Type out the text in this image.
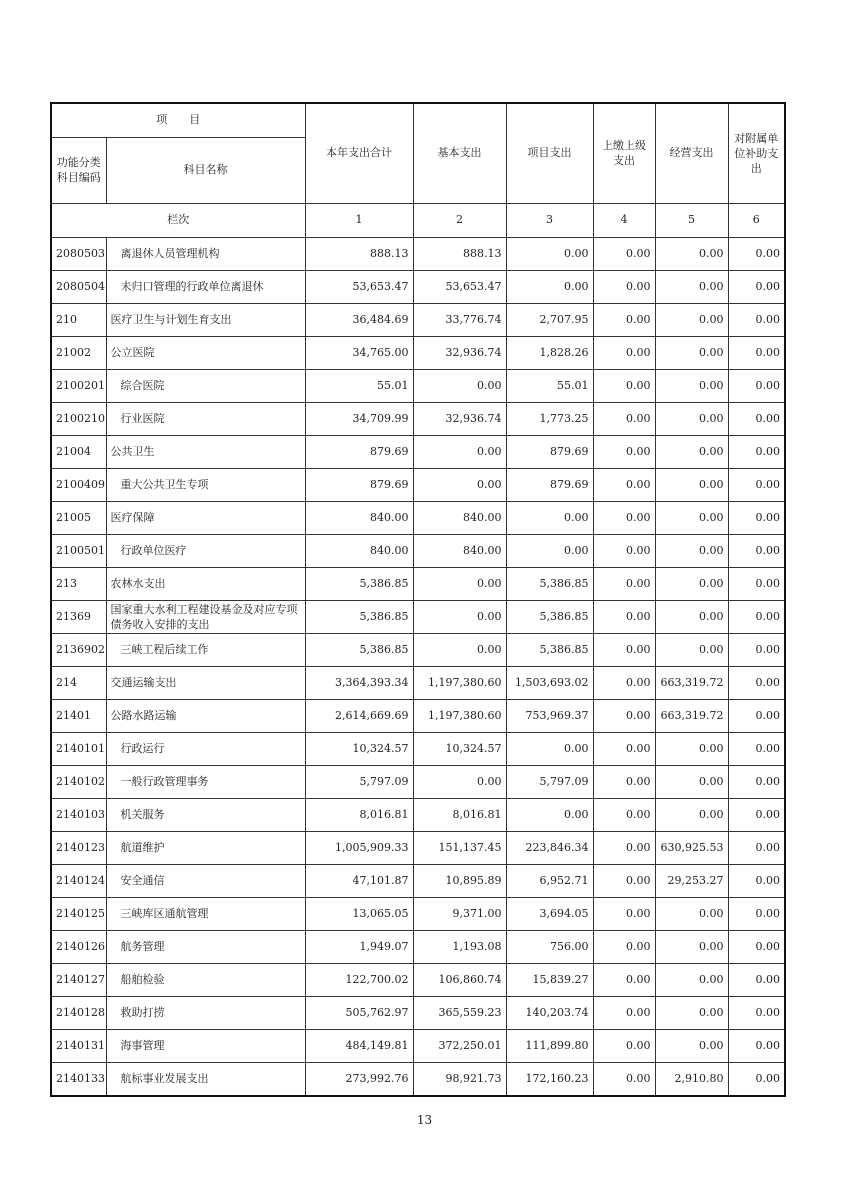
项　　目		本年支出合计	基本支出	项目支出	上缴上级支出	经营支出	对附属单位补助支出
功能分类科目编码	科目名称						
栏次		1	2	3	4	5	6
2080503	离退休人员管理机构	888.13	888.13	0.00	0.00	0.00	0.00
2080504	未归口管理的行政单位离退休	53,653.47	53,653.47	0.00	0.00	0.00	0.00
210	医疗卫生与计划生育支出	36,484.69	33,776.74	2,707.95	0.00	0.00	0.00
21002	公立医院	34,765.00	32,936.74	1,828.26	0.00	0.00	0.00
2100201	综合医院	55.01	0.00	55.01	0.00	0.00	0.00
2100210	行业医院	34,709.99	32,936.74	1,773.25	0.00	0.00	0.00
21004	公共卫生	879.69	0.00	879.69	0.00	0.00	0.00
2100409	重大公共卫生专项	879.69	0.00	879.69	0.00	0.00	0.00
21005	医疗保障	840.00	840.00	0.00	0.00	0.00	0.00
2100501	行政单位医疗	840.00	840.00	0.00	0.00	0.00	0.00
213	农林水支出	5,386.85	0.00	5,386.85	0.00	0.00	0.00
21369	国家重大水利工程建设基金及对应专项债务收入安排的支出	5,386.85	0.00	5,386.85	0.00	0.00	0.00
2136902	三峡工程后续工作	5,386.85	0.00	5,386.85	0.00	0.00	0.00
214	交通运输支出	3,364,393.34	1,197,380.60	1,503,693.02	0.00	663,319.72	0.00
21401	公路水路运输	2,614,669.69	1,197,380.60	753,969.37	0.00	663,319.72	0.00
2140101	行政运行	10,324.57	10,324.57	0.00	0.00	0.00	0.00
2140102	一般行政管理事务	5,797.09	0.00	5,797.09	0.00	0.00	0.00
2140103	机关服务	8,016.81	8,016.81	0.00	0.00	0.00	0.00
2140123	航道维护	1,005,909.33	151,137.45	223,846.34	0.00	630,925.53	0.00
2140124	安全通信	47,101.87	10,895.89	6,952.71	0.00	29,253.27	0.00
2140125	三峡库区通航管理	13,065.05	9,371.00	3,694.05	0.00	0.00	0.00
2140126	航务管理	1,949.07	1,193.08	756.00	0.00	0.00	0.00
2140127	船舶检验	122,700.02	106,860.74	15,839.27	0.00	0.00	0.00
2140128	救助打捞	505,762.97	365,559.23	140,203.74	0.00	0.00	0.00
2140131	海事管理	484,149.81	372,250.01	111,899.80	0.00	0.00	0.00
2140133	航标事业发展支出	273,992.76	98,921.73	172,160.23	0.00	2,910.80	0.00
13
